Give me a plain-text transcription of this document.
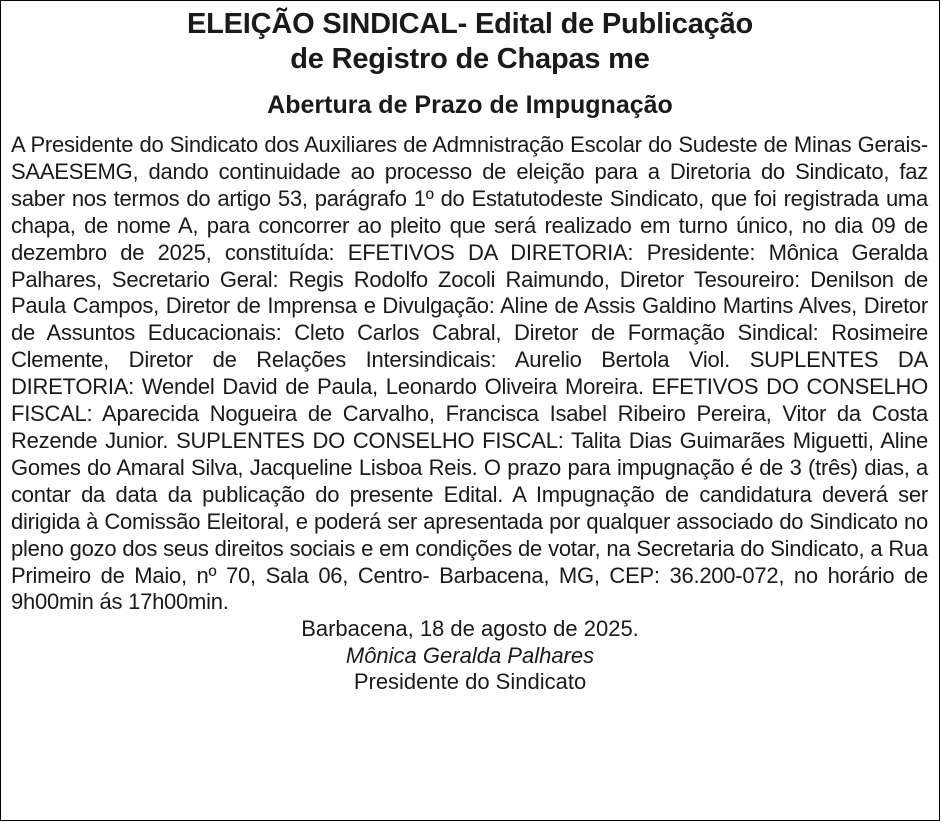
ELEIÇÃO SINDICAL- Edital de Publicação
de Registro de Chapas me
Abertura de Prazo de Impugnação

A Presidente do Sindicato dos Auxiliares de Admnistração Escolar do Sudeste de Minas Gerais- SAAESEMG, dando continuidade ao processo de eleição para a Diretoria do Sindicato, faz saber nos termos do artigo 53, parágrafo 1º do Estatutodeste Sindicato, que foi registrada uma chapa, de nome A, para concorrer ao pleito que será realizado em turno único, no dia 09 de dezembro de 2025, constituída: EFETIVOS DA DIRETORIA: Presidente: Mônica Geralda Palhares, Secretario Geral: Regis Rodolfo Zocoli Raimundo, Diretor Tesoureiro: Denilson de Paula Campos, Diretor de Imprensa e Divulgação: Aline de Assis Galdino Martins Alves, Diretor de Assuntos Educacionais: Cleto Carlos Cabral, Diretor de Formação Sindical: Rosimeire Clemente, Diretor de Relações Intersindicais: Aurelio Bertola Viol. SUPLENTES DA DIRETORIA: Wendel David de Paula, Leonardo Oliveira Moreira. EFETIVOS DO CONSELHO FISCAL: Aparecida Nogueira de Carvalho, Francisca Isabel Ribeiro Pereira, Vitor da Costa Rezende Junior. SUPLENTES DO CONSELHO FISCAL: Talita Dias Guimarães Miguetti, Aline Gomes do Amaral Silva, Jacqueline Lisboa Reis. O prazo para impugnação é de 3 (três) dias, a contar da data da publicação do presente Edital. A Impugnação de candidatura deverá ser dirigida à Comissão Eleitoral, e poderá ser apresentada por qualquer associado do Sindicato no pleno gozo dos seus direitos sociais e em condições de votar, na Secretaria do Sindicato, a Rua Primeiro de Maio, nº 70, Sala 06, Centro- Barbacena, MG, CEP: 36.200-072, no horário de 9h00min ás 17h00min.

Barbacena, 18 de agosto de 2025.
Mônica Geralda Palhares
Presidente do Sindicato
